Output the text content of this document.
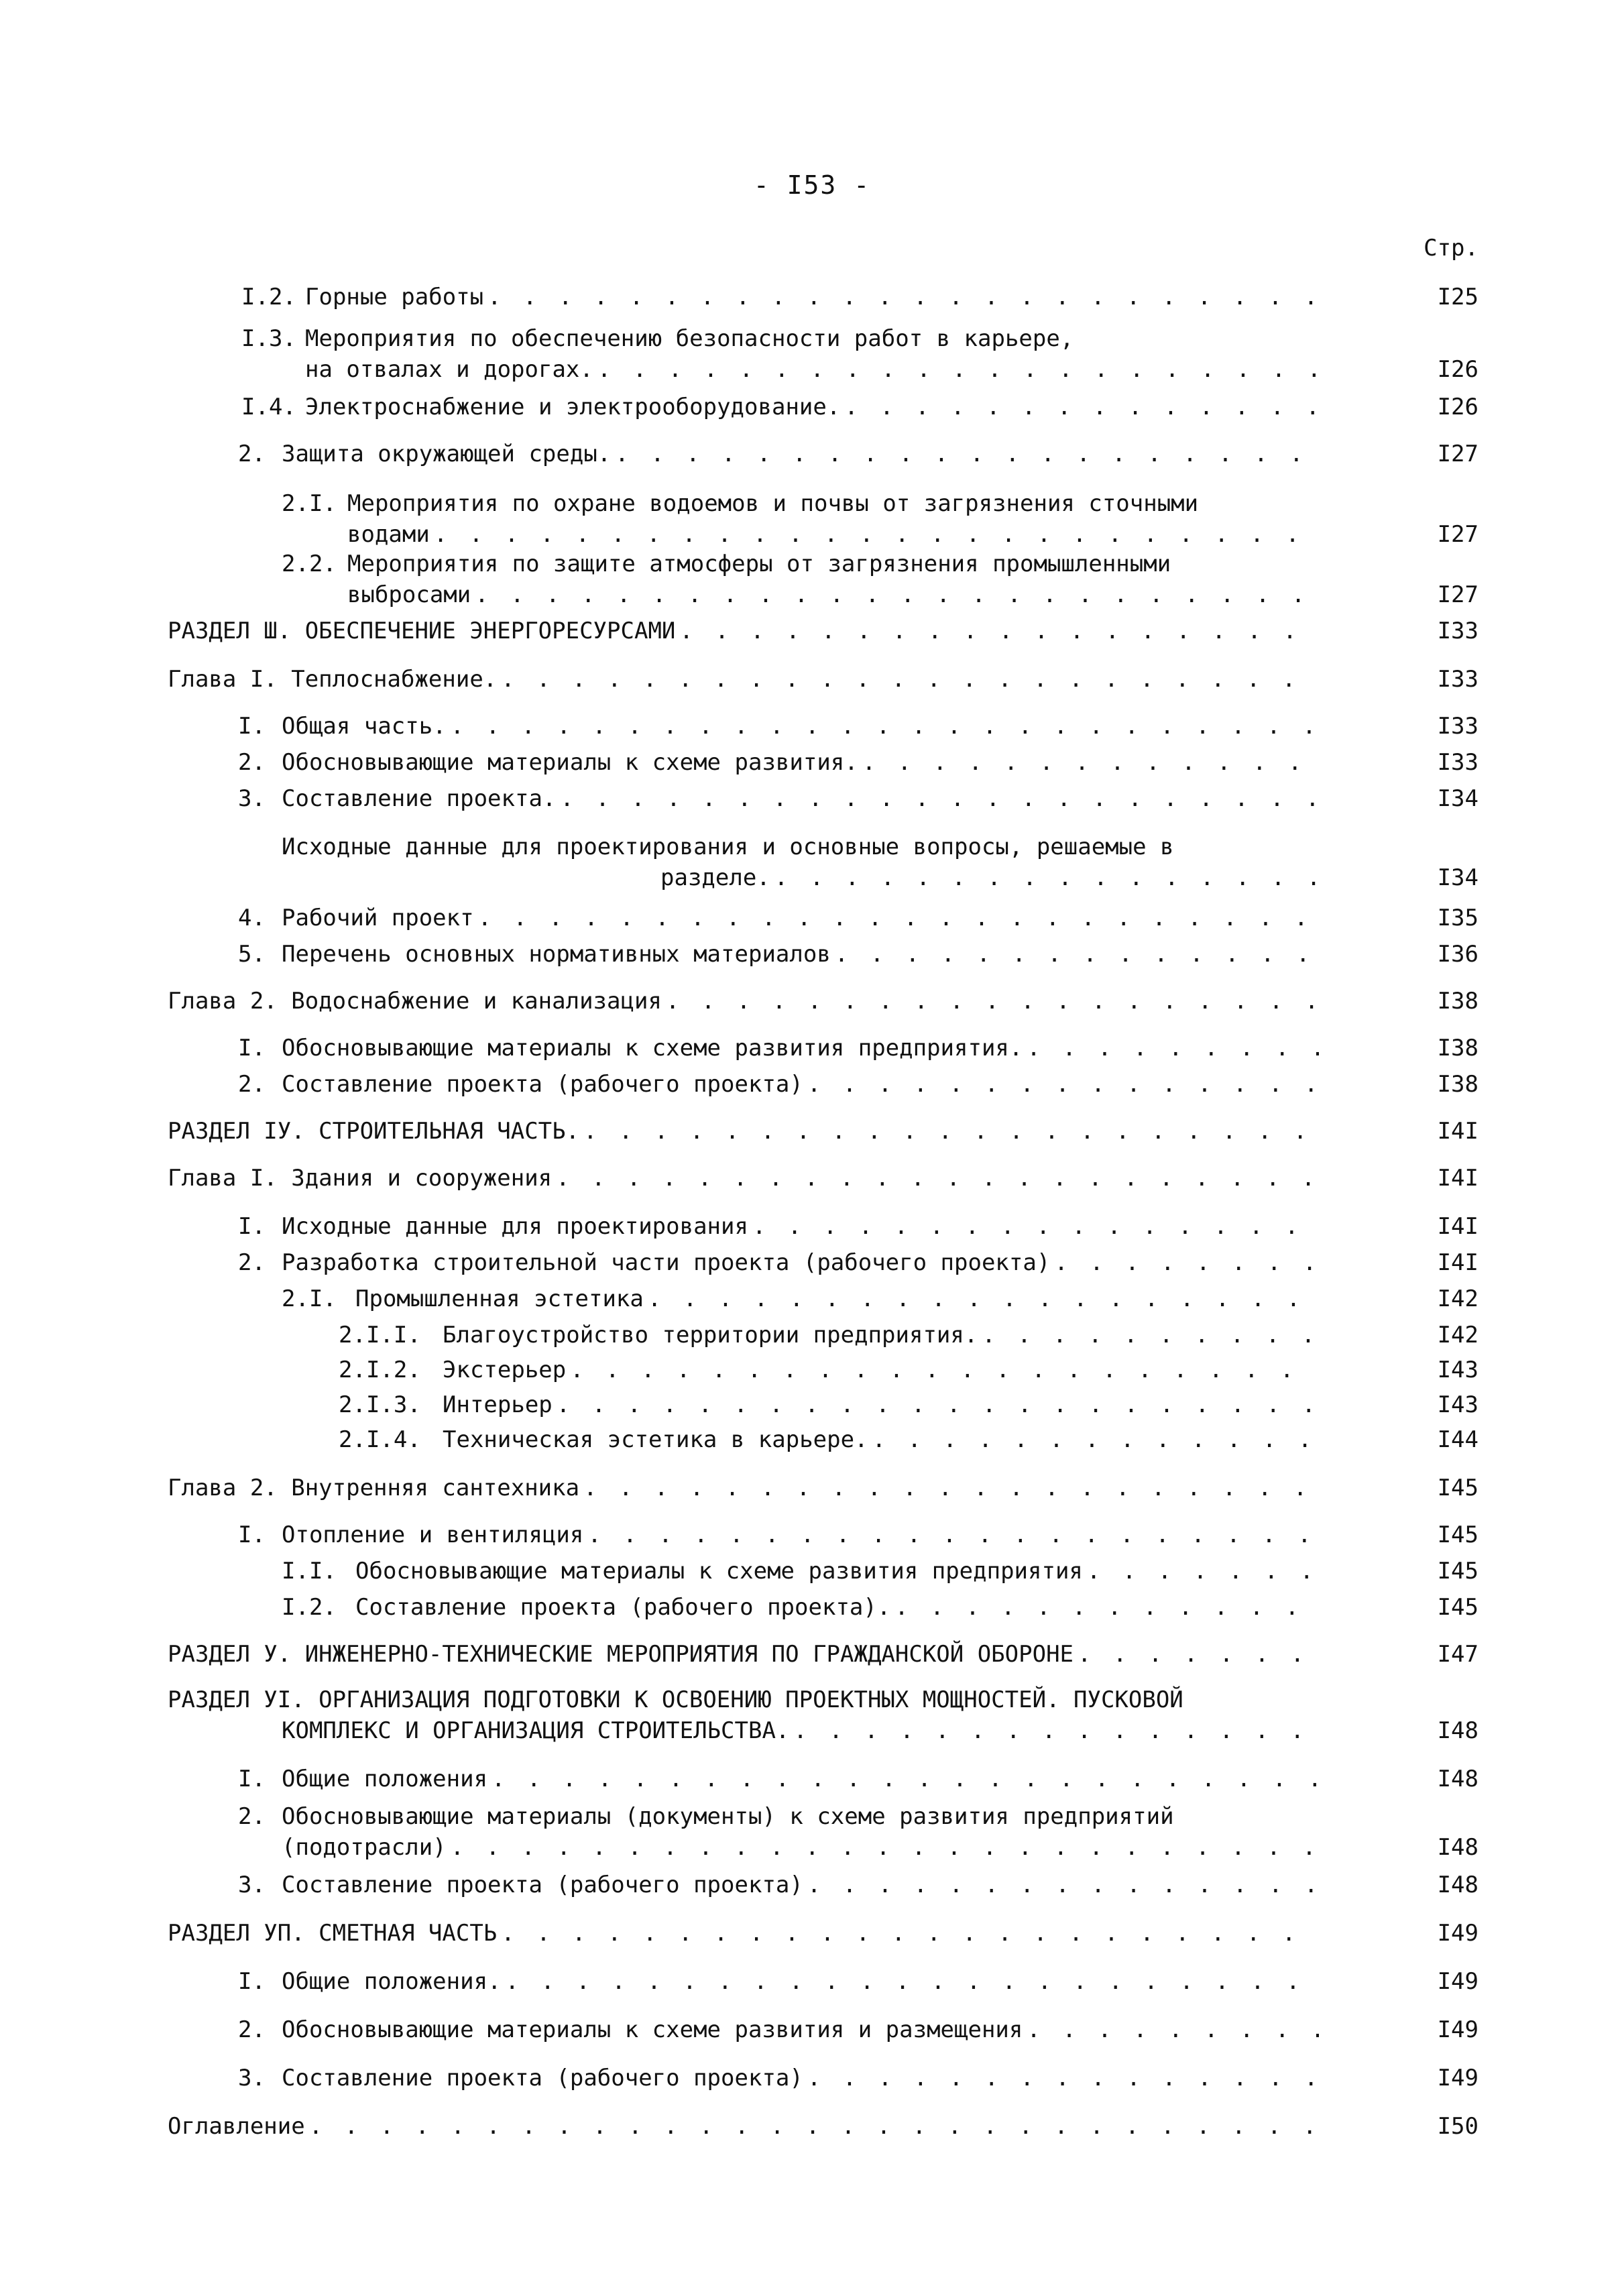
- I53 -
Стр.
I.2. Горные работы . . .	I25
I.3. Мероприятия по обеспечению безопасности работ в карьере,
на отвалах и дорогах. . . .	I26
I.4. Электроснабжение и электрооборудование. . . .	I26
2. Защита окружающей среды. . . .	I27
2.I. Мероприятия по охране водоемов и почвы от загрязнения сточными
водами . . .	I27
2.2. Мероприятия по защите атмосферы от загрязнения промышленными
выбросами . . .	I27
РАЗДЕЛ Ш. ОБЕСПЕЧЕНИЕ ЭНЕРГОРЕСУРСАМИ . . .	I33
Глава I. Теплоснабжение. . . .	I33
I. Общая часть. . . .	I33
2. Обосновывающие материалы к схеме развития. . . .	I33
3. Составление проекта. . . .	I34
Исходные данные для проектирования и основные вопросы, решаемые в
разделе. . . .	I34
4. Рабочий проект . . .	I35
5. Перечень основных нормативных материалов . . .	I36
Глава 2. Водоснабжение и канализация . . .	I38
I. Обосновывающие материалы к схеме развития предприятия. . . .	I38
2. Составление проекта (рабочего проекта) . . .	I38
РАЗДЕЛ IУ. СТРОИТЕЛЬНАЯ ЧАСТЬ. . . .	I4I
Глава I. Здания и сооружения . . .	I4I
I. Исходные данные для проектирования . . .	I4I
2. Разработка строительной части проекта (рабочего проекта) . . .	I4I
2.I. Промышленная эстетика . . .	I42
2.I.I. Благоустройство территории предприятия. . . .	I42
2.I.2. Экстерьер . . .	I43
2.I.3. Интерьер . . .	I43
2.I.4. Техническая эстетика в карьере. . . .	I44
Глава 2. Внутренняя сантехника . . .	I45
I. Отопление и вентиляция . . .	I45
I.I. Обосновывающие материалы к схеме развития предприятия . . .	I45
I.2. Составление проекта (рабочего проекта). . . .	I45
РАЗДЕЛ У. ИНЖЕНЕРНО-ТЕХНИЧЕСКИЕ МЕРОПРИЯТИЯ ПО ГРАЖДАНСКОЙ ОБОРОНЕ . . .	I47
РАЗДЕЛ УI. ОРГАНИЗАЦИЯ ПОДГОТОВКИ К ОСВОЕНИЮ ПРОЕКТНЫХ МОЩНОСТЕЙ. ПУСКОВОЙ
КОМПЛЕКС И ОРГАНИЗАЦИЯ СТРОИТЕЛЬСТВА. . . .	I48
I. Общие положения . . .	I48
2. Обосновывающие материалы (документы) к схеме развития предприятий
(подотрасли) . . .	I48
3. Составление проекта (рабочего проекта) . . .	I48
РАЗДЕЛ УП. СМЕТНАЯ ЧАСТЬ . . .	I49
I. Общие положения. . . .	I49
2. Обосновывающие материалы к схеме развития и размещения . . .	I49
3. Составление проекта (рабочего проекта) . . .	I49
Оглавление . . .	I50
